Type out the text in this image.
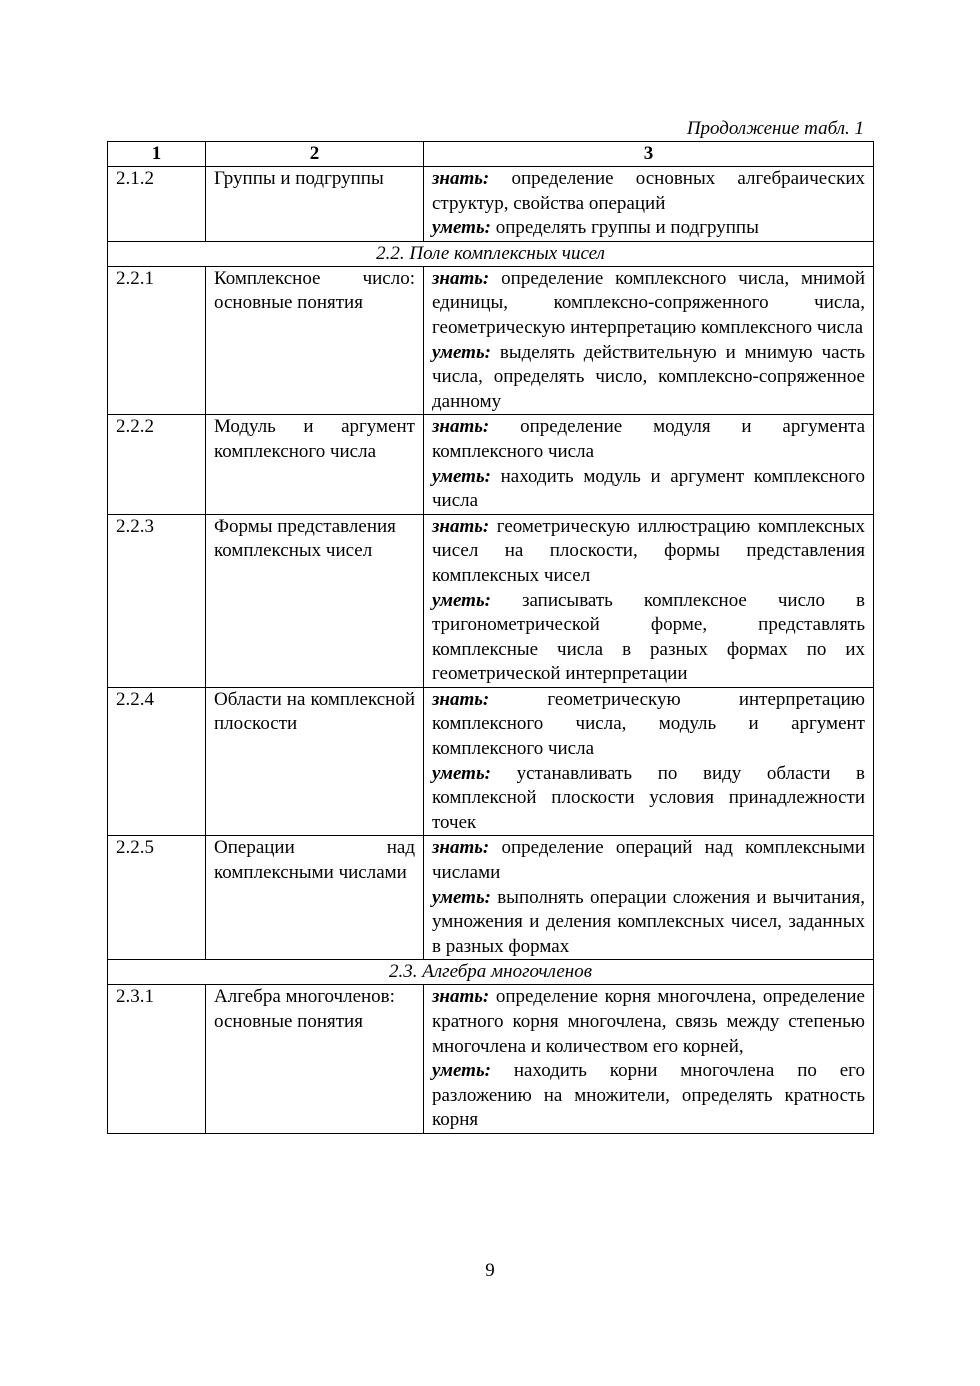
Продолжение табл. 1
1	2	3
2.1.2	Группы и подгруппы	знать: определение основных алгебраических структур, свойства операций
уметь: определять группы и подгруппы

2.2. Поле комплексных чисел		
2.2.1	Комплексное число: основные понятия	знать: определение комплексного числа, мнимой единицы, комплексно-сопряженного числа, геометрическую интерпретацию комплексного числа
уметь: выделять действительную и мнимую часть числа, определять число, комплексно-сопряженное данному

2.2.2	Модуль и аргумент комплексного числа	знать: определение модуля и аргумента комплексного числа
уметь: находить модуль и аргумент комплексного числа

2.2.3	Формы представления комплексных чисел	знать: геометрическую иллюстрацию комплексных чисел на плоскости, формы представления комплексных чисел
уметь: записывать комплексное число в тригонометрической форме, представлять комплексные числа в разных формах по их геометрической интерпретации

2.2.4	Области на комплексной плоскости	знать: геометрическую интерпретацию комплексного числа, модуль и аргумент комплексного числа
уметь: устанавливать по виду области в комплексной плоскости условия принадлежности точек

2.2.5	Операции над комплексными числами	знать: определение операций над комплексными числами
уметь: выполнять операции сложения и вычитания, умножения и деления комплексных чисел, заданных в разных формах

2.3. Алгебра многочленов		
2.3.1	Алгебра многочленов: основные понятия	знать: определение корня многочлена, определение кратного корня многочлена, связь между степенью многочлена и количеством его корней,
уметь: находить корни многочлена по его разложению на множители, определять кратность корня
9
